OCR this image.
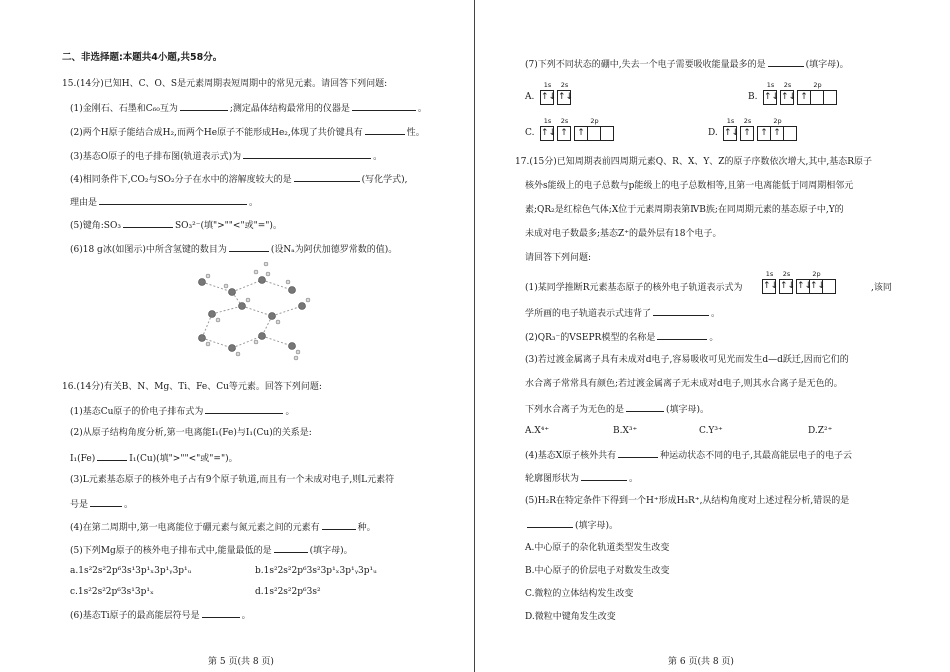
二、非选择题:本题共4小题,共58分。
15.(14分)已知H、C、O、S是元素周期表短周期中的常见元素。请回答下列问题:
(1)金刚石、石墨和C₆₀互为	;测定晶体结构最常用的仪器是	。
(2)两个H原子能结合成H₂,而两个He原子不能形成He₂,体现了共价键具有	性。
(3)基态O原子的电子排布图(轨道表示式)为	。
(4)相同条件下,CO₂与SO₂分子在水中的溶解度较大的是	(写化学式),
理由是	。
(5)键角:SO₃	SO₃²⁻(填">""<"或"=")。
(6)18 g冰(如图示)中所含氢键的数目为	(设Nₐ为阿伏加德罗常数的值)。
16.(14分)有关B、N、Mg、Ti、Fe、Cu等元素。回答下列问题:
(1)基态Cu原子的价电子排布式为	。
(2)从原子结构角度分析,第一电离能I₁(Fe)与I₁(Cu)的关系是:
I₁(Fe)	I₁(Cu)(填">""<"或"=")。
(3)L元素基态原子的核外电子占有9个原子轨道,而且有一个未成对电子,则L元素符
号是	。
(4)在第二周期中,第一电离能位于硼元素与氮元素之间的元素有	种。
(5)下列Mg原子的核外电子排布式中,能量最低的是	(填字母)。
a.1s²2s²2p⁶3s¹3p¹ₓ3p¹ᵧ3p¹ᵤ	b.1s²2s²2p⁶3s²3p¹ₓ3p¹ᵧ3p¹ᵤ
c.1s²2s²2p⁶3s¹3p¹ₓ	d.1s²2s²2p⁶3s²
(6)基态Ti原子的最高能层符号是	。
第 5 页(共 8 页)
(7)下列不同状态的硼中,失去一个电子需要吸收能量最多的是	(填字母)。
A.
1s
↑↓
2s
↑↓	B.
1s
↑↓
2s
↑↓
2p
↑
C.
1s
↑↓
2s
↑
2p
↑	D.
1s
↑↓
2s
↑
2p
↑ ↑
17.(15分)已知周期表前四周期元素Q、R、X、Y、Z的原子序数依次增大,其中,基态R原子
核外s能级上的电子总数与p能级上的电子总数相等,且第一电离能低于同周期相邻元
素;QR₂是红棕色气体;X位于元素周期表第ⅣB族;在同周期元素的基态原子中,Y的
未成对电子数最多;基态Z⁺的最外层有18个电子。
请回答下列问题:
(1)某同学推断R元素基态原子的核外电子轨道表示式为
1s
↑↓
2s
↑↓
2p
↑↓↑↓	,该同
学所画的电子轨道表示式违背了	。
(2)QR₃⁻的VSEPR模型的名称是	。
(3)若过渡金属离子具有未成对d电子,容易吸收可见光而发生d—d跃迁,因而它们的
水合离子常常具有颜色;若过渡金属离子无未成对d电子,则其水合离子是无色的。
下列水合离子为无色的是	(填字母)。
A.X⁴⁺	B.X³⁺	C.Y³⁺	D.Z²⁺
(4)基态X原子核外共有	种运动状态不同的电子,其最高能层电子的电子云
轮廓图形状为	。
(5)H₂R在特定条件下得到一个H⁺形成H₃R⁺,从结构角度对上述过程分析,错误的是
(填字母)。
A.中心原子的杂化轨道类型发生改变
B.中心原子的价层电子对数发生改变
C.微粒的立体结构发生改变
D.微粒中键角发生改变
第 6 页(共 8 页)
